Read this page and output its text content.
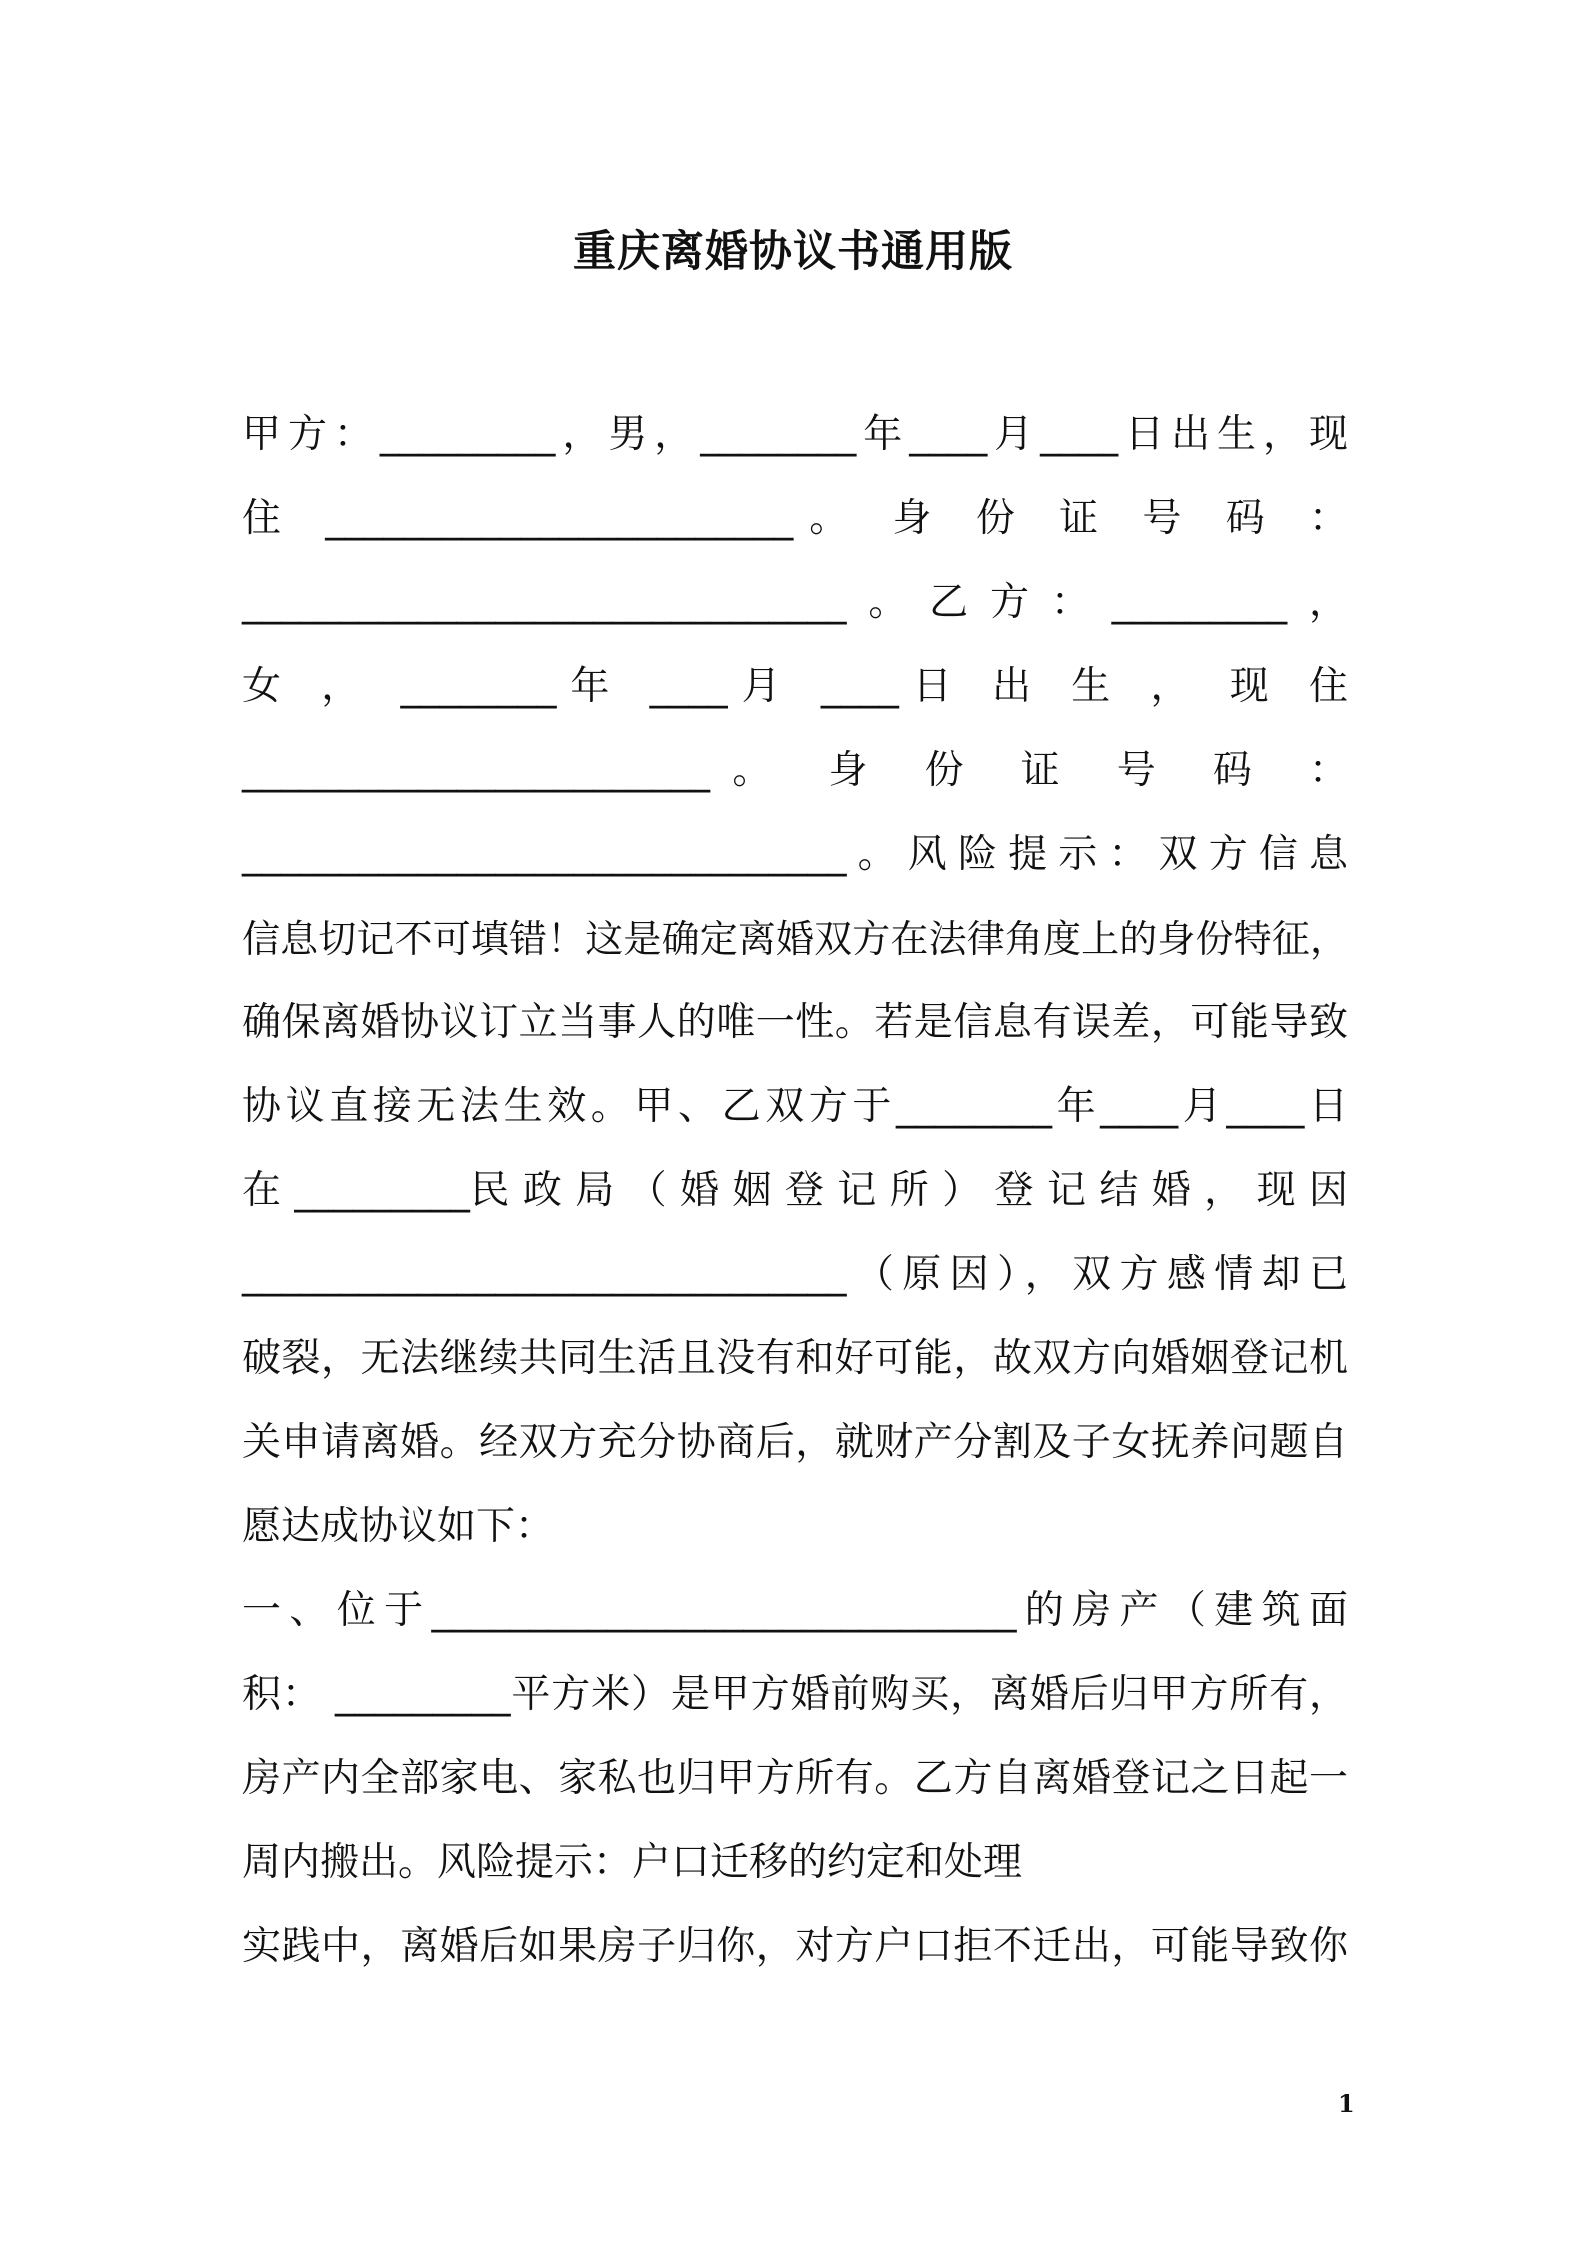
重庆离婚协议书通用版
甲方：_________，男，________年____月____日出生，现
住 ________________________。 身 份 证 号 码 ：
_______________________________。乙方：_________，
女 ， ________年 ____月 ____日 出 生 ， 现 住
________________________。 身 份 证 号 码 ：
_______________________________。风险提示：双方信息
信息切记不可填错！这是确定离婚双方在法律角度上的身份特征，
确保离婚协议订立当事人的唯一性。若是信息有误差，可能导致
协议直接无法生效。甲、乙双方于________年____月____日
在 _________民 政 局 （ 婚 姻 登 记 所 ） 登 记 结 婚 ， 现 因
_______________________________（原因），双方感情却已
破裂，无法继续共同生活且没有和好可能，故双方向婚姻登记机
关申请离婚。经双方充分协商后，就财产分割及子女抚养问题自
愿达成协议如下：
一、位于______________________________的房产（建筑面
积： _________平方米）是甲方婚前购买，离婚后归甲方所有，
房产内全部家电、家私也归甲方所有。乙方自离婚登记之日起一
周内搬出。风险提示：户口迁移的约定和处理
实践中，离婚后如果房子归你，对方户口拒不迁出，可能导致你
1
